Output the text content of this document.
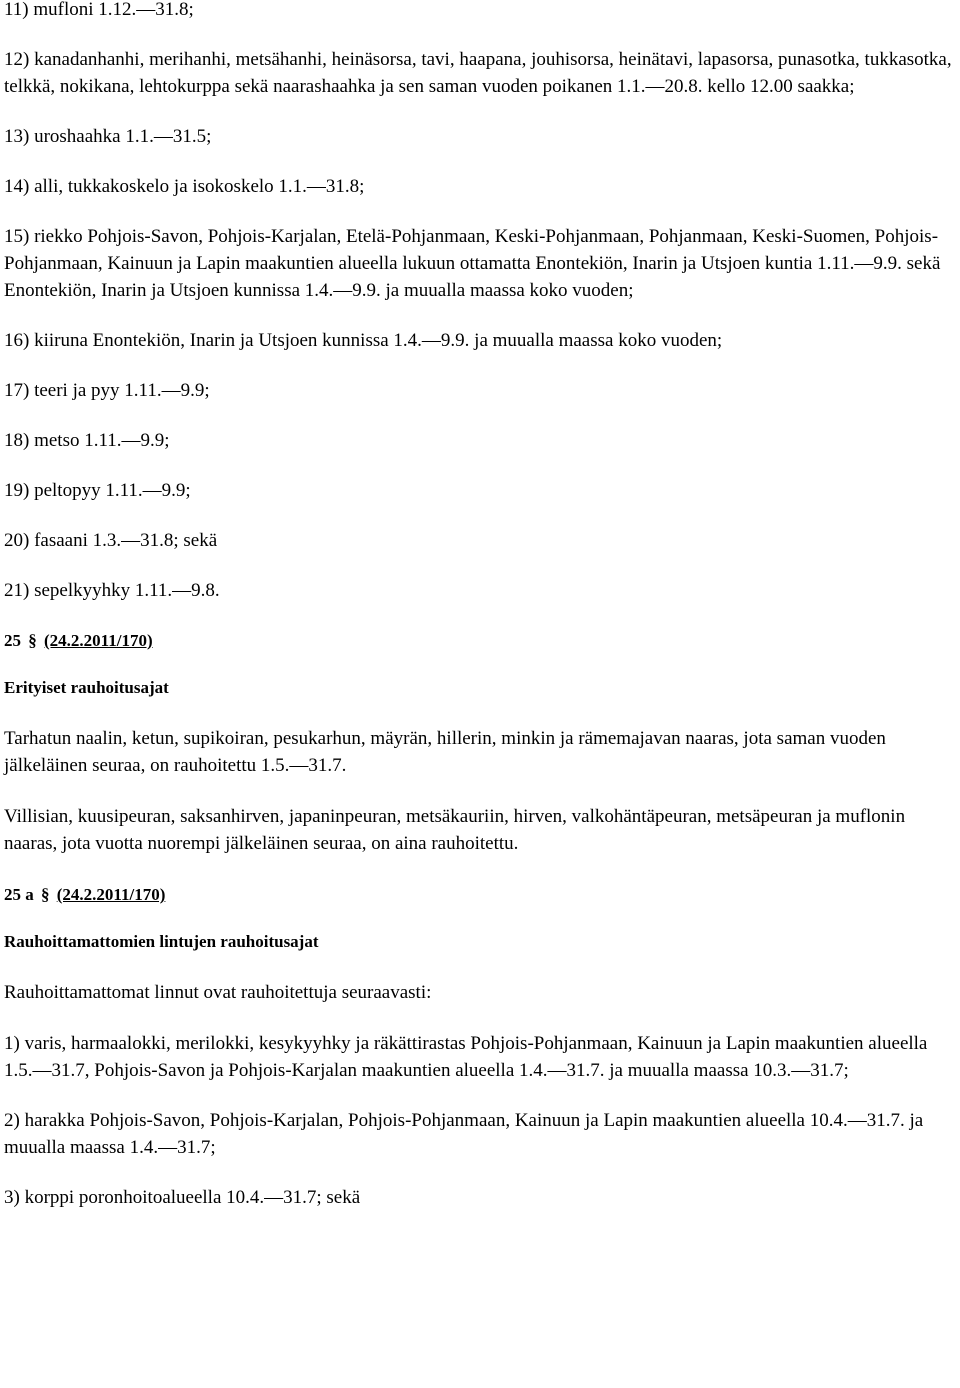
11) mufloni 1.12.—31.8;

12) kanadanhanhi, merihanhi, metsähanhi, heinäsorsa, tavi, haapana, jouhisorsa, heinätavi, lapasorsa, punasotka, tukkasotka, telkkä, nokikana, lehtokurppa sekä naarashaahka ja sen saman vuoden poikanen 1.1.—20.8. kello 12.00 saakka;

13) uroshaahka 1.1.—31.5;

14) alli, tukkakoskelo ja isokoskelo 1.1.—31.8;

15) riekko Pohjois-Savon, Pohjois-Karjalan, Etelä-Pohjanmaan, Keski-Pohjanmaan, Pohjanmaan, Keski-Suomen, Pohjois-Pohjanmaan, Kainuun ja Lapin maakuntien alueella lukuun ottamatta Enontekiön, Inarin ja Utsjoen kuntia 1.11.—9.9. sekä Enontekiön, Inarin ja Utsjoen kunnissa 1.4.—9.9. ja muualla maassa koko vuoden;

16) kiiruna Enontekiön, Inarin ja Utsjoen kunnissa 1.4.—9.9. ja muualla maassa koko vuoden;

17) teeri ja pyy 1.11.—9.9;

18) metso 1.11.—9.9;

19) peltopyy 1.11.—9.9;

20) fasaani 1.3.—31.8; sekä

21) sepelkyyhky 1.11.—9.8.

25 § (24.2.2011/170)

Erityiset rauhoitusajat

Tarhatun naalin, ketun, supikoiran, pesukarhun, mäyrän, hillerin, minkin ja rämemajavan naaras, jota saman vuoden jälkeläinen seuraa, on rauhoitettu 1.5.—31.7.

Villisian, kuusipeuran, saksanhirven, japaninpeuran, metsäkauriin, hirven, valkohäntäpeuran, metsäpeuran ja muflonin naaras, jota vuotta nuorempi jälkeläinen seuraa, on aina rauhoitettu.

25 a § (24.2.2011/170)

Rauhoittamattomien lintujen rauhoitusajat

Rauhoittamattomat linnut ovat rauhoitettuja seuraavasti:

1) varis, harmaalokki, merilokki, kesykyyhky ja räkättirastas Pohjois-Pohjanmaan, Kainuun ja Lapin maakuntien alueella 1.5.—31.7, Pohjois-Savon ja Pohjois-Karjalan maakuntien alueella 1.4.—31.7. ja muualla maassa 10.3.—31.7;

2) harakka Pohjois-Savon, Pohjois-Karjalan, Pohjois-Pohjanmaan, Kainuun ja Lapin maakuntien alueella 10.4.—31.7. ja muualla maassa 1.4.—31.7;

3) korppi poronhoitoalueella 10.4.—31.7; sekä
